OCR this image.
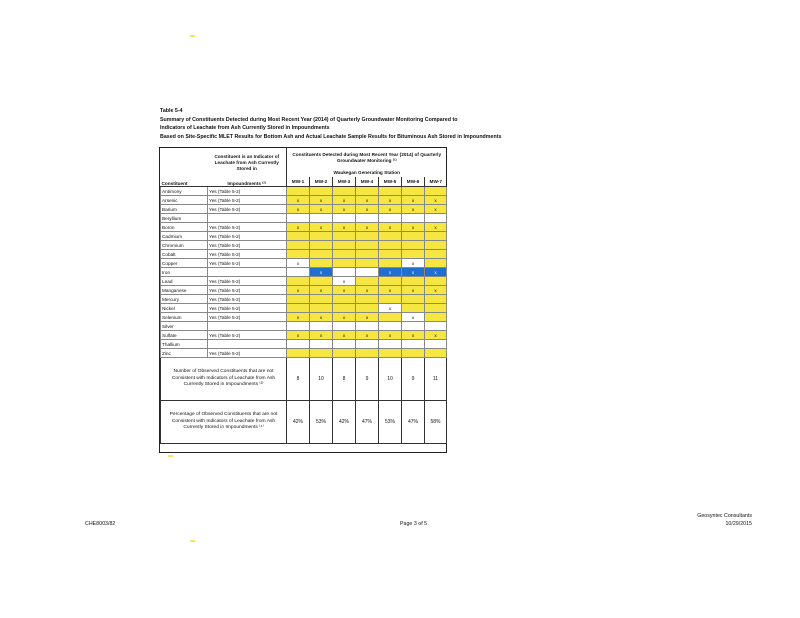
Table 5-4
Summary of Constituents Detected during Most Recent Year (2014) of Quarterly Groundwater Monitoring Compared to
Indicators of Leachate from Ash Currently Stored in Impoundments
Based on Site-Specific MLET Results for Bottom Ash and Actual Leachate Sample Results for Bituminous Ash Stored in Impoundments
	Constituent is an Indicator of Leachate from Ash Currently Stored in	Constituents Detected during Most Recent Year (2014) of Quarterly Groundwater Monitoring ⁽¹⁾						
		Waukegan Generating Station						
Constituent	Impoundments ⁽²⁾	MW-1	MW-2	MW-3	MW-4	MW-5	MW-6	MW-7
Antimony	Yes (Table 5-2)							
Arsenic	Yes (Table 5-2)	x	x	x	x	x	x	x
Barium	Yes (Table 5-2)	x	x	x	x	x	x	x
Beryllium								
Boron	Yes (Table 5-2)	x	x	x	x	x	x	x
Cadmium	Yes (Table 5-2)							
Chromium	Yes (Table 5-2)							
Cobalt	Yes (Table 5-2)							
Copper	Yes (Table 5-2)	x					x	
Iron			x			x	x	x
Lead	Yes (Table 5-2)			x				
Manganese	Yes (Table 5-2)	x	x	x	x	x	x	x
Mercury	Yes (Table 5-2)							
Nickel	Yes (Table 5-2)					x		
Selenium	Yes (Table 5-2)	x	x	x	x		x	
Silver								
Sulfate	Yes (Table 5-2)	x	x	x	x	x	x	x
Thallium								
Zinc	Yes (Table 5-2)							
Number of Observed Constituents that are not Consistent with Indicators of Leachate from Ash Currently Stored in Impoundments ⁽³⁾		8	10	8	9	10	9	11
Percentage of Observed Constituents that are not Consistent with Indicators of Leachate from Ash Currently Stored in Impoundments ⁽⁴⁾		42%	53%	42%	47%	53%	47%	58%
CHE8003/82	Page 3 of 5
Geosyntec Consultants
10/29/2015
